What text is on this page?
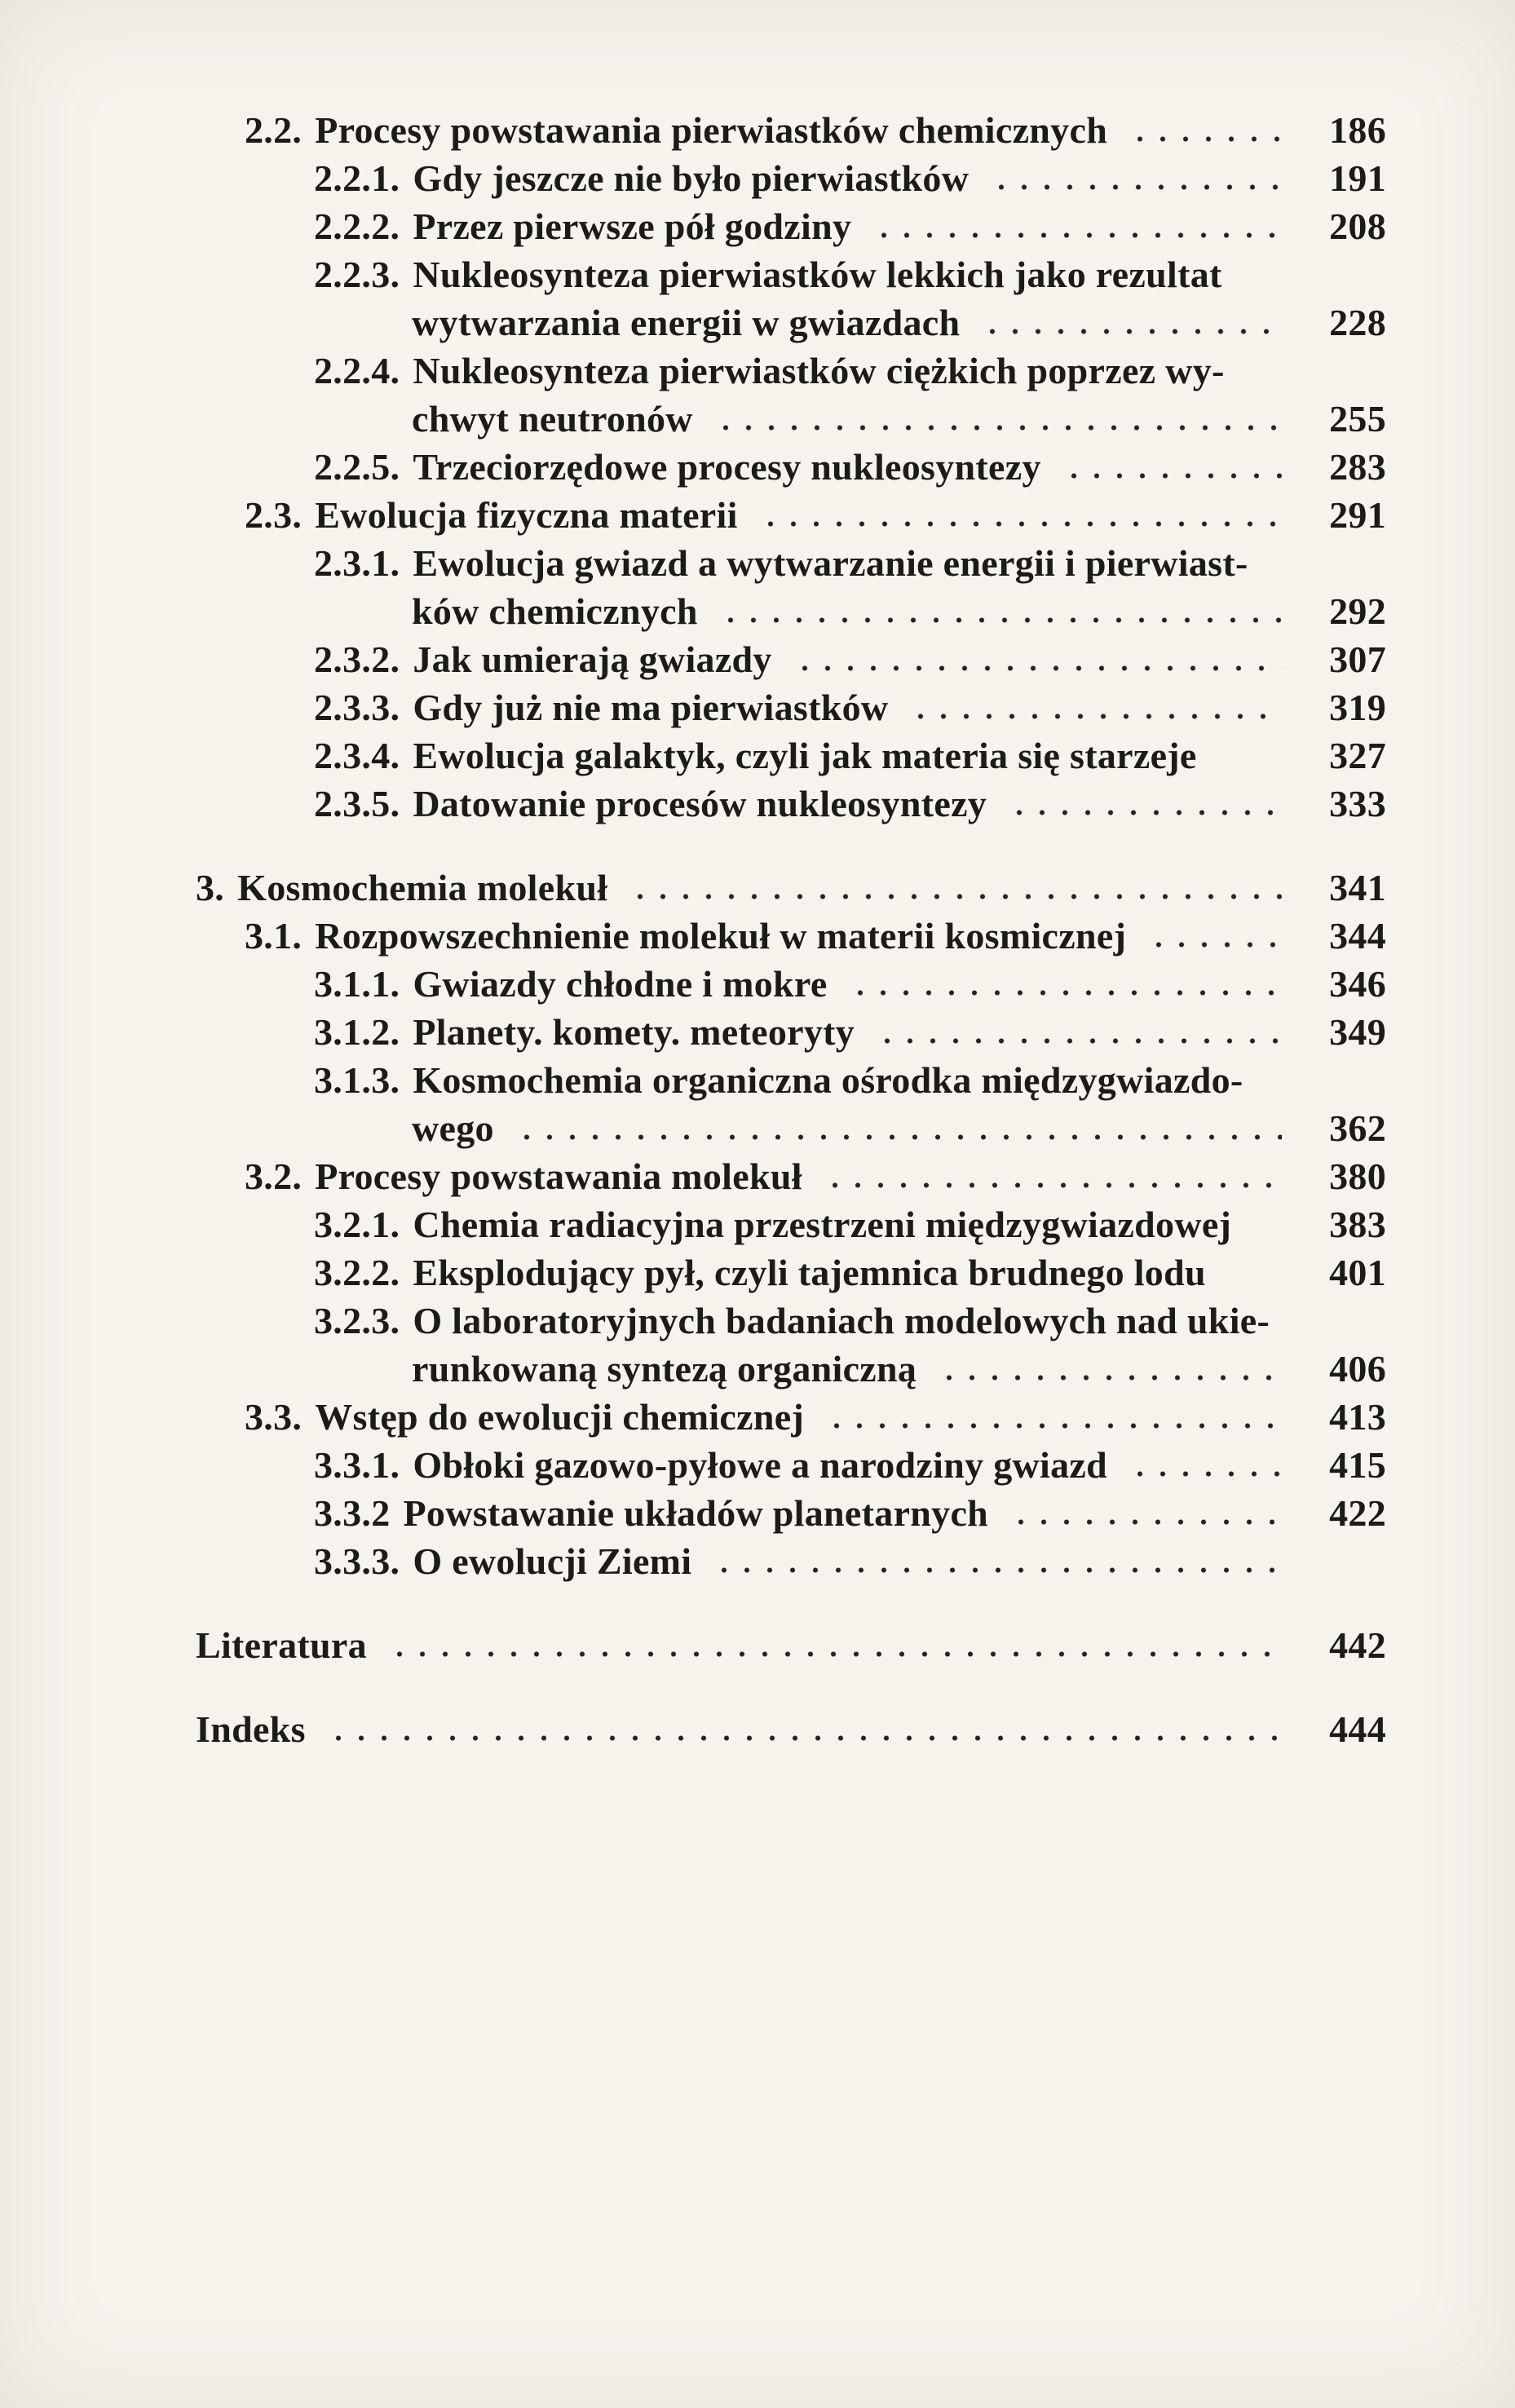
2.2. Procesy powstawania pierwiastków chemicznych	186
2.2.1. Gdy jeszcze nie było pierwiastków	191
2.2.2. Przez pierwsze pół godziny	208
2.2.3. Nukleosynteza pierwiastków lekkich jako rezultat
wytwarzania energii w gwiazdach	228
2.2.4. Nukleosynteza pierwiastków ciężkich poprzez wy-
chwyt neutronów	255
2.2.5. Trzeciorzędowe procesy nukleosyntezy	283
2.3. Ewolucja fizyczna materii	291
2.3.1. Ewolucja gwiazd a wytwarzanie energii i pierwiast-
ków chemicznych	292
2.3.2. Jak umierają gwiazdy	307
2.3.3. Gdy już nie ma pierwiastków	319
2.3.4. Ewolucja galaktyk, czyli jak materia się starzeje	327
2.3.5. Datowanie procesów nukleosyntezy	333
3. Kosmochemia molekuł	341
3.1. Rozpowszechnienie molekuł w materii kosmicznej	344
3.1.1. Gwiazdy chłodne i mokre	346
3.1.2. Planety. komety. meteoryty	349
3.1.3. Kosmochemia organiczna ośrodka międzygwiazdo-
wego	362
3.2. Procesy powstawania molekuł	380
3.2.1. Chemia radiacyjna przestrzeni międzygwiazdowej	383
3.2.2. Eksplodujący pył, czyli tajemnica brudnego lodu	401
3.2.3. O laboratoryjnych badaniach modelowych nad ukie-
runkowaną syntezą organiczną	406
3.3. Wstęp do ewolucji chemicznej	413
3.3.1. Obłoki gazowo-pyłowe a narodziny gwiazd	415
3.3.2 Powstawanie układów planetarnych	422
3.3.3. O ewolucji Ziemi
Literatura	442
Indeks	444
